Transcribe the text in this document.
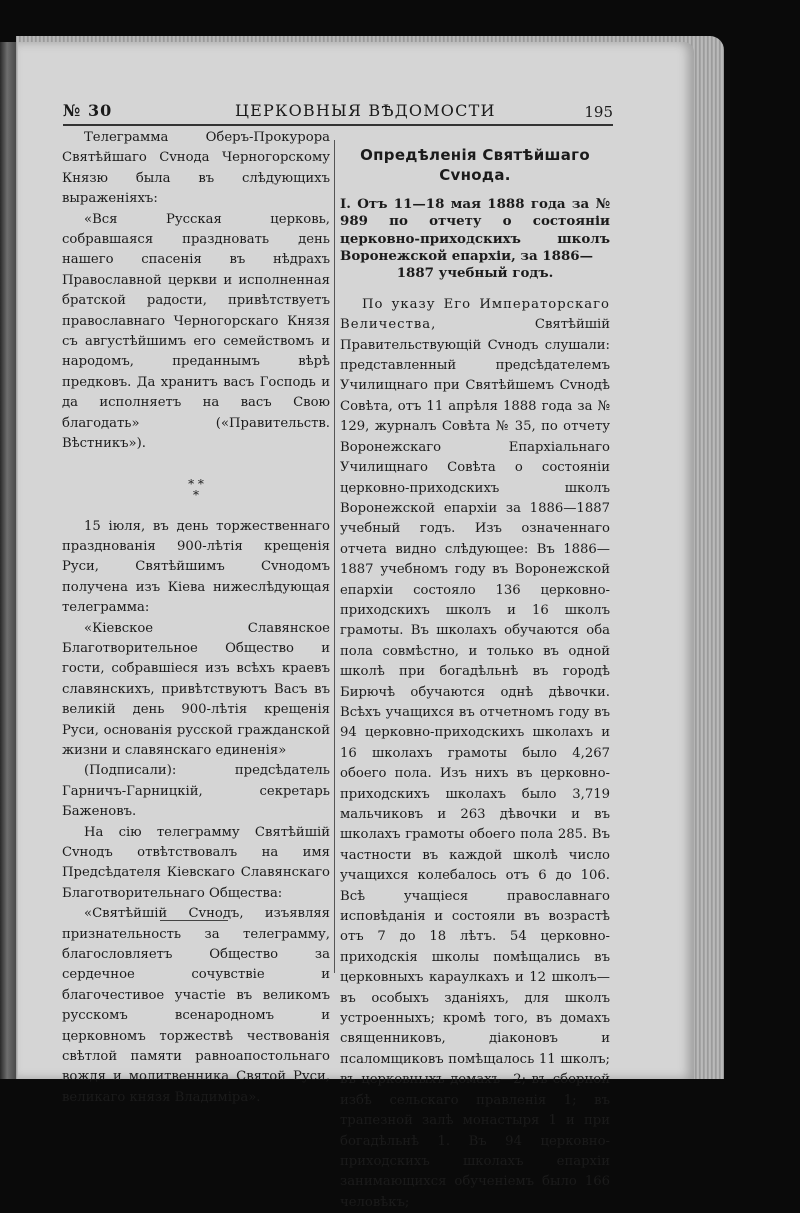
№ 30	ЦЕРКОВНЫЯ ВѢДОМОСТИ	195

Телеграмма Оберъ-Прокурора Святѣйшаго Сvнода Черногорскому Князю была въ слѣдующихъ выраженіяхъ:

«Вся Русская церковь, собравшаяся праздновать день нашего спасенія въ нѣдрахъ Православной церкви и исполненная братской радости, привѣтствуетъ православнаго Черногорскаго Князя съ августѣйшимъ его семействомъ и народомъ, преданнымъ вѣрѣ предковъ. Да хранитъ васъ Господь и да исполняетъ на васъ Свою благодать» («Правительств. Вѣстникъ»).

* *
*

15 іюля, въ день торжественнаго празднованія 900-лѣтія крещенія Руси, Святѣйшимъ Сvнодомъ получена изъ Кіева нижеслѣдующая телеграмма:

«Кіевское Славянское Благотворительное Общество и гости, собравшіеся изъ всѣхъ краевъ славянскихъ, привѣтствуютъ Васъ въ великій день 900-лѣтія крещенія Руси, основанія русской гражданской жизни и славянскаго единенія»

(Подписали): предсѣдатель Гарничъ-Гарницкій, секретарь Баженовъ.

На сію телеграмму Святѣйшій Сvнодъ отвѣтствовалъ на имя Предсѣдателя Кіевскаго Славянскаго Благотворительнаго Общества:

«Святѣйшій Сvнодъ, изъявляя признательность за телеграмму, благословляетъ Общество за сердечное сочувствіе и благочестивое участіе въ великомъ русскомъ всенародномъ и церковномъ торжествѣ чествованія свѣтлой памяти равноапостольнаго вождя и молитвенника Святой Руси, великаго князя Владиміра».

Опредѣленія Святѣйшаго Сvнода.
I. Отъ 11—18 мая 1888 года за № 989 по отчету о состояніи церковно-приходскихъ школъ Воронежской епархіи, за 1886—
1887 учебный годъ.

По указу Его Императорскаго Величества,	Святѣйшій Правительствующій Сvнодъ слушали: представленный предсѣдателемъ Училищнаго при Святѣйшемъ Сvнодѣ Совѣта, отъ 11 апрѣля 1888 года за № 129, журналъ Совѣта № 35, по отчету Воронежскаго Епархіальнаго Училищнаго Совѣта о состояніи церковно-приходскихъ школъ Воронежской епархіи за 1886—1887 учебный годъ. Изъ означеннаго отчета видно слѣдующее: Въ 1886—1887 учебномъ году въ Воронежской епархіи состояло 136 церковно-приходскихъ школъ и 16 школъ грамоты. Въ школахъ обучаются оба пола совмѣстно, и только въ одной школѣ при богадѣльнѣ въ городѣ Бирючѣ обучаются однѣ дѣвочки. Всѣхъ учащихся въ отчетномъ году въ 94 церковно-приходскихъ школахъ и 16 школахъ грамоты было 4,267 обоего пола. Изъ нихъ въ церковно-приходскихъ школахъ было 3,719 мальчиковъ и 263 дѣвочки и въ школахъ грамоты обоего пола 285. Въ частности въ каждой школѣ число учащихся колебалось отъ 6 до 106. Всѣ учащіеся православнаго исповѣданія и состояли въ возрастѣ отъ 7 до 18 лѣтъ. 54 церковно-приходскія школы помѣщались въ церковныхъ караулкахъ и 12 школъ—въ особыхъ зданіяхъ, для школъ устроенныхъ; кромѣ того, въ домахъ священниковъ, діаконовъ и псаломщиковъ помѣщалось 11 школъ; въ церковныхъ домахъ—2; въ сборной избѣ сельскаго правленія 1; въ трапезной залѣ монастыря 1 и при богадѣльнѣ 1. Въ 94 церковно-приходскихъ школахъ епархіи занимающихся обученіемъ было 166 человѣкъ;
